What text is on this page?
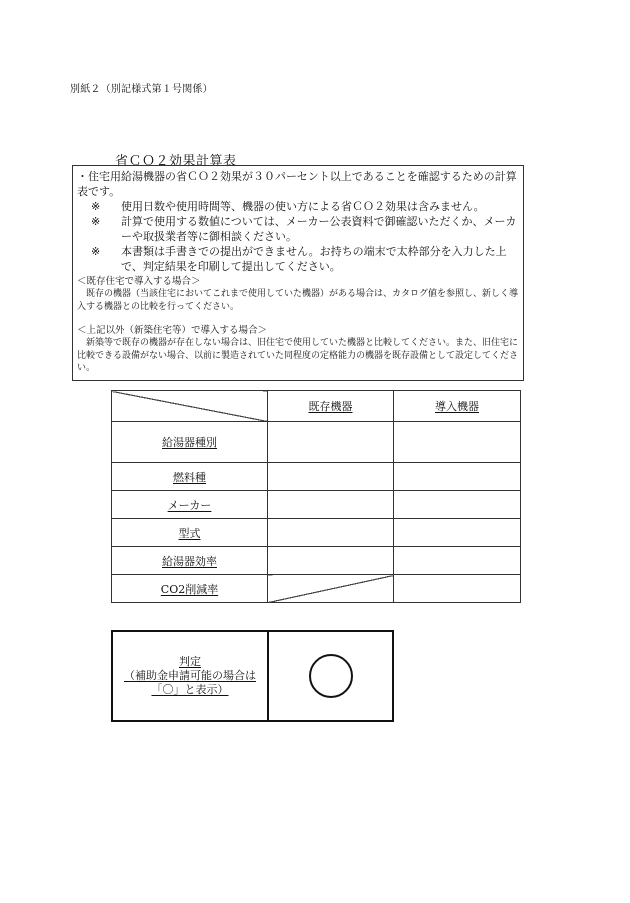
別紙２（別記様式第１号関係）
省ＣＯ２効果計算表
・住宅用給湯機器の省ＣＯ２効果が３０パーセント以上であることを確認するための計算表です。
※	使用日数や使用時間等、機器の使い方による省ＣＯ２効果は含みません。
※	計算で使用する数値については、メーカー公表資料で御確認いただくか、メーカーや取扱業者等に御相談ください。
※	本書類は手書きでの提出ができません。お持ちの端末で太枠部分を入力した上で、判定結果を印刷して提出してください。
＜既存住宅で導入する場合＞
既存の機器（当該住宅においてこれまで使用していた機器）がある場合は、カタログ値を参照し、新しく導入する機器との比較を行ってください。
＜上記以外（新築住宅等）で導入する場合＞
新築等で既存の機器が存在しない場合は、旧住宅で使用していた機器と比較してください。また、旧住宅に比較できる設備がない場合、以前に製造されていた同程度の定格能力の機器を既存設備として設定してください。
	既存機器	導入機器
給湯器種別		
燃料種		
メーカー		
型式		
給湯器効率		
CO2削減率		
判定
（補助金申請可能の場合は
「〇」と表示）
